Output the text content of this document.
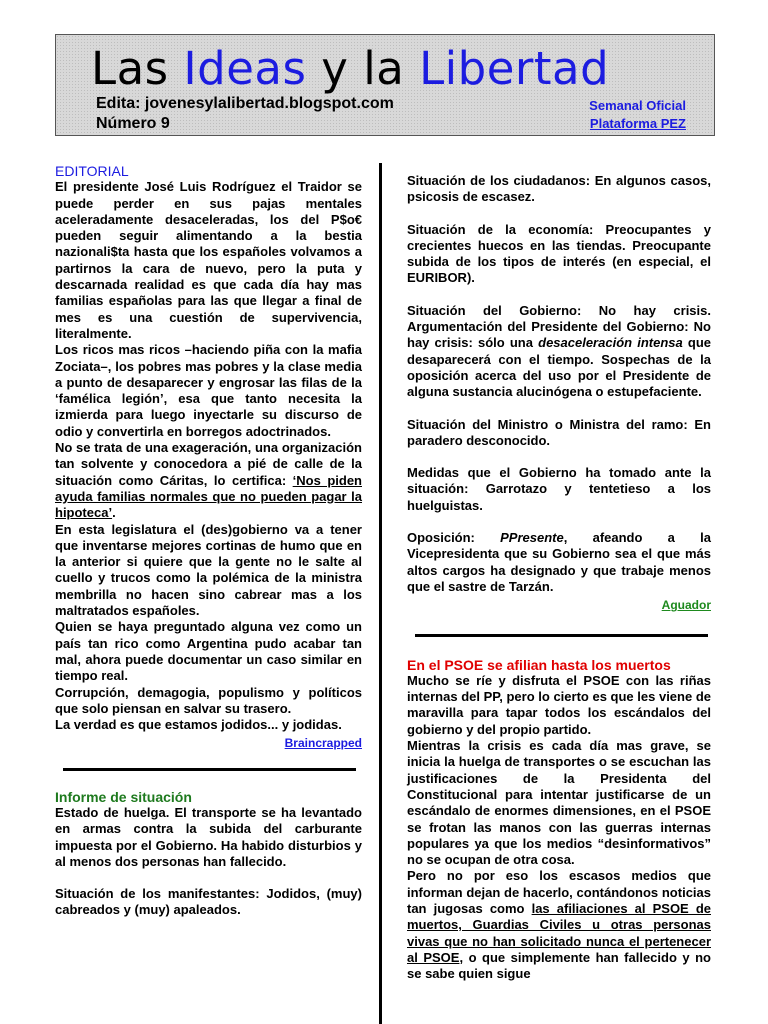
Las Ideas y la Libertad
Edita: jovenesylalibertad.blogspot.com
Número 9
Semanal Oficial
Plataforma PEZ
EDITORIAL

El presidente José Luis Rodríguez el Traidor se puede perder en sus pajas mentales aceleradamente desaceleradas, los del P$o€ pueden seguir alimentando a la bestia nazionali$ta hasta que los españoles volvamos a partirnos la cara de nuevo, pero la puta y descarnada realidad es que cada día hay mas familias españolas para las que llegar a final de mes es una cuestión de supervivencia, literalmente.

Los ricos mas ricos –haciendo piña con la mafia Zociata–, los pobres mas pobres y la clase media a punto de desaparecer y engrosar las filas de la ‘famélica legión’, esa que tanto necesita la izmierda para luego inyectarle su discurso de odio y convertirla en borregos adoctrinados.

No se trata de una exageración, una organización tan solvente y conocedora a pié de calle de la situación como Cáritas, lo certifica: ‘Nos piden ayuda familias normales que no pueden pagar la hipoteca’.

En esta legislatura el (des)gobierno va a tener que inventarse mejores cortinas de humo que en la anterior si quiere que la gente no le salte al cuello y trucos como la polémica de la ministra membrilla no hacen sino cabrear mas a los maltratados españoles.

Quien se haya preguntado alguna vez como un país tan rico como Argentina pudo acabar tan mal, ahora puede documentar un caso similar en tiempo real.

Corrupción, demagogia, populismo y políticos que solo piensan en salvar su trasero.

La verdad es que estamos jodidos... y jodidas.

Braincrapped
Informe de situación

Estado de huelga. El transporte se ha levantado en armas contra la subida del carburante impuesta por el Gobierno. Ha habido disturbios y al menos dos personas han fallecido.

Situación de los manifestantes: Jodidos, (muy) cabreados y (muy) apaleados.

Situación de los ciudadanos: En algunos casos, psicosis de escasez.

Situación de la economía: Preocupantes y crecientes huecos en las tiendas. Preocupante subida de los tipos de interés (en especial, el EURIBOR).

Situación del Gobierno: No hay crisis. Argumentación del Presidente del Gobierno: No hay crisis: sólo una desaceleración intensa que desaparecerá con el tiempo. Sospechas de la oposición acerca del uso por el Presidente de alguna sustancia alucinógena o estupefaciente.

Situación del Ministro o Ministra del ramo: En paradero desconocido.

Medidas que el Gobierno ha tomado ante la situación: Garrotazo y tentetieso a los huelguistas.

Oposición: PPresente, afeando a la Vicepresidenta que su Gobierno sea el que más altos cargos ha designado y que trabaje menos que el sastre de Tarzán.

Aguador
En el PSOE se afilian hasta los muertos

Mucho se ríe y disfruta el PSOE con las riñas internas del PP, pero lo cierto es que les viene de maravilla para tapar todos los escándalos del gobierno y del propio partido.

Mientras la crisis es cada día mas grave, se inicia la huelga de transportes o se escuchan las justificaciones de la Presidenta del Constitucional para intentar justificarse de un escándalo de enormes dimensiones, en el PSOE se frotan las manos con las guerras internas populares ya que los medios “desinformativos” no se ocupan de otra cosa.

Pero no por eso los escasos medios que informan dejan de hacerlo, contándonos noticias tan jugosas como las afiliaciones al PSOE de muertos, Guardias Civiles u otras personas vivas que no han solicitado nunca el pertenecer al PSOE, o que simplemente han fallecido y no se sabe quien sigue
